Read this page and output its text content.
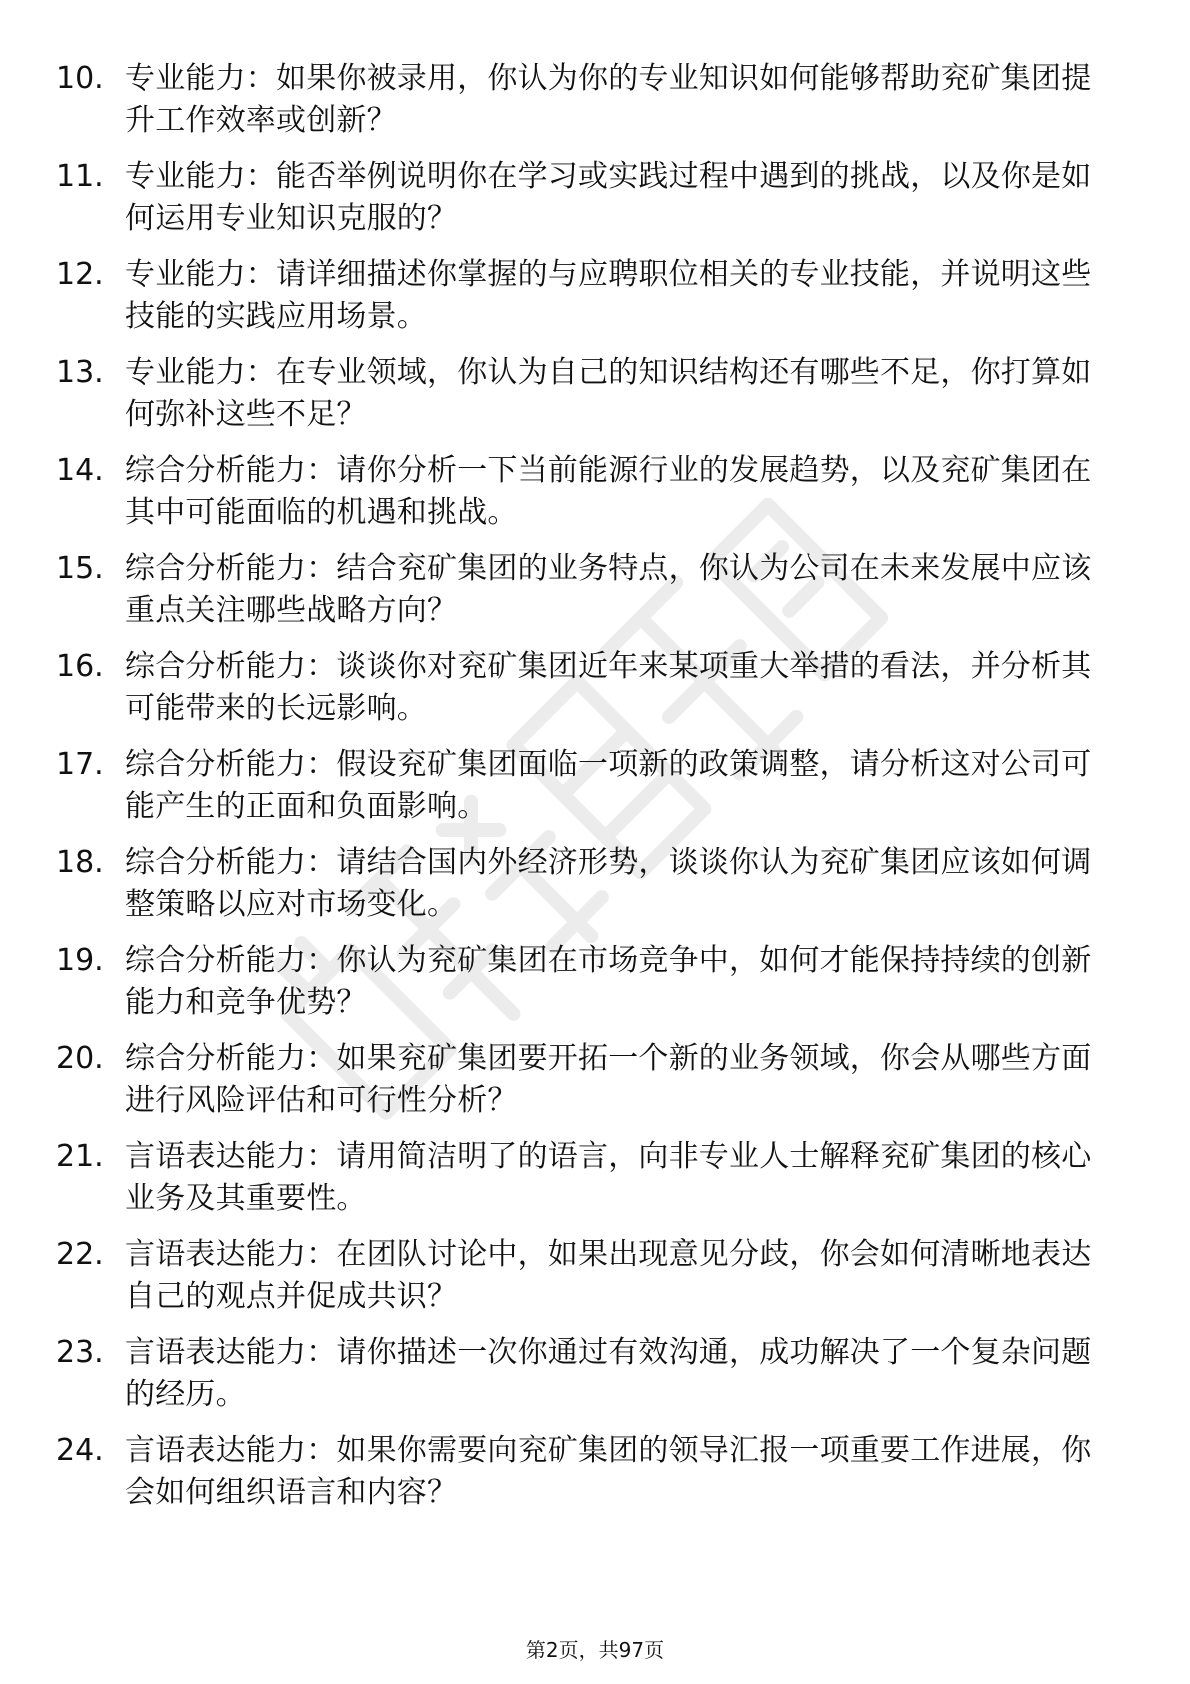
10. 专业能力：如果你被录用，你认为你的专业知识如何能够帮助兖矿集团提升工作效率或创新？
11. 专业能力：能否举例说明你在学习或实践过程中遇到的挑战，以及你是如何运用专业知识克服的？
12. 专业能力：请详细描述你掌握的与应聘职位相关的专业技能，并说明这些技能的实践应用场景。
13. 专业能力：在专业领域，你认为自己的知识结构还有哪些不足，你打算如何弥补这些不足？
14. 综合分析能力：请你分析一下当前能源行业的发展趋势，以及兖矿集团在其中可能面临的机遇和挑战。
15. 综合分析能力：结合兖矿集团的业务特点，你认为公司在未来发展中应该重点关注哪些战略方向？
16. 综合分析能力：谈谈你对兖矿集团近年来某项重大举措的看法，并分析其可能带来的长远影响。
17. 综合分析能力：假设兖矿集团面临一项新的政策调整，请分析这对公司可能产生的正面和负面影响。
18. 综合分析能力：请结合国内外经济形势，谈谈你认为兖矿集团应该如何调整策略以应对市场变化。
19. 综合分析能力：你认为兖矿集团在市场竞争中，如何才能保持持续的创新能力和竞争优势？
20. 综合分析能力：如果兖矿集团要开拓一个新的业务领域，你会从哪些方面进行风险评估和可行性分析？
21. 言语表达能力：请用简洁明了的语言，向非专业人士解释兖矿集团的核心业务及其重要性。
22. 言语表达能力：在团队讨论中，如果出现意见分歧，你会如何清晰地表达自己的观点并促成共识？
23. 言语表达能力：请你描述一次你通过有效沟通，成功解决了一个复杂问题的经历。
24. 言语表达能力：如果你需要向兖矿集团的领导汇报一项重要工作进展，你会如何组织语言和内容？
第2页，共97页
